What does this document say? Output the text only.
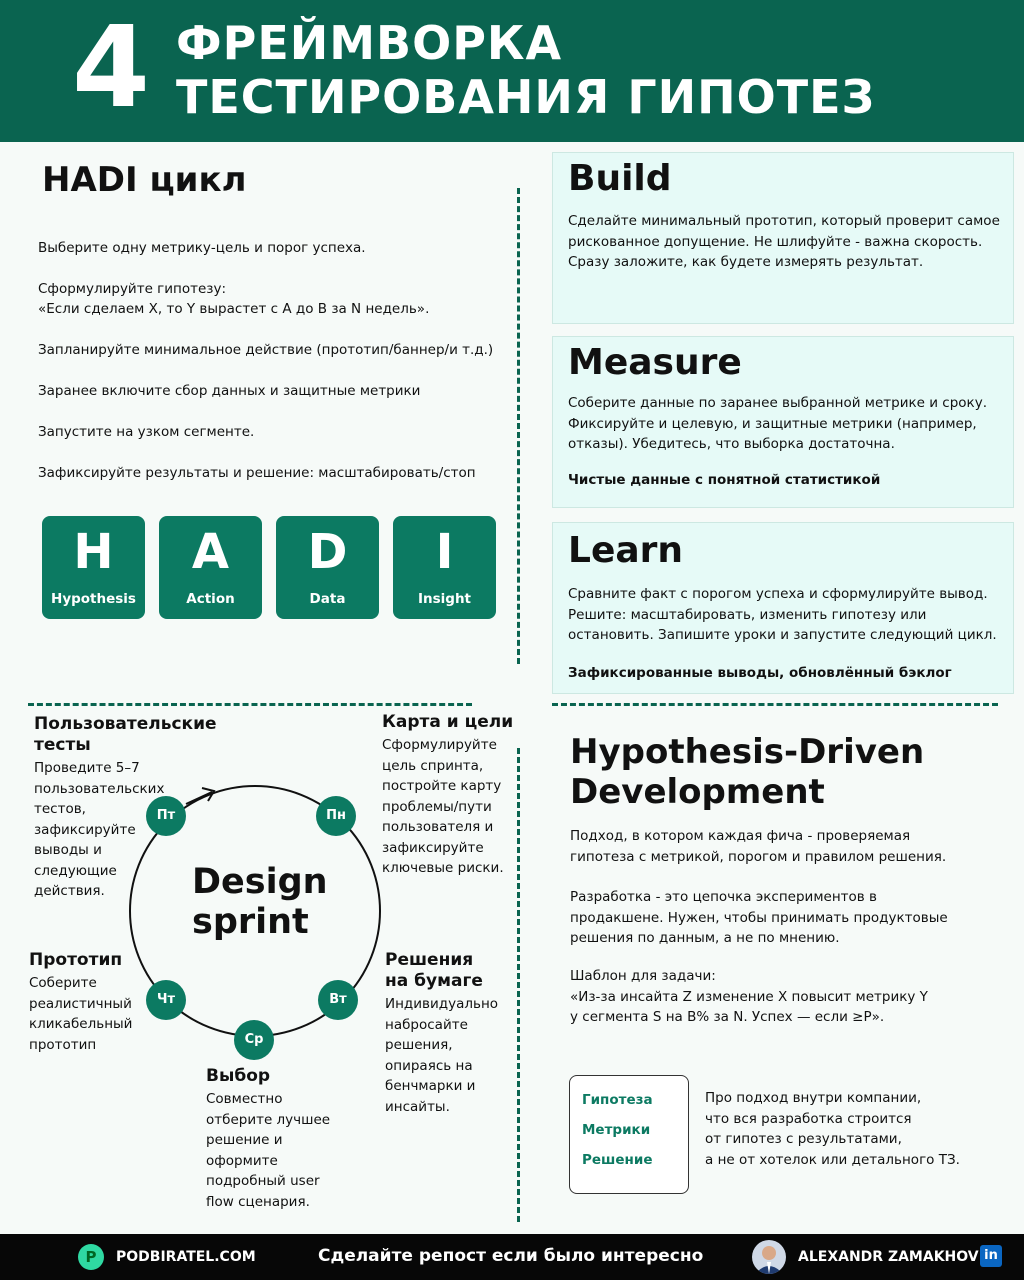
4 ФРЕЙМВОРКА
ТЕСТИРОВАНИЯ ГИПОТЕЗ
HADI цикл

Выберите одну метрику-цель и порог успеха.

Сформулируйте гипотезу:
«Если сделаем X, то Y вырастет с A до B за N недель».

Запланируйте минимальное действие (прототип/баннер/и т.д.)

Заранее включите сбор данных и защитные метрики

Запустите на узком сегменте.

Зафиксируйте результаты и решение: масштабировать/стоп

H
Hypothesis
A
Action
D
Data
I
Insight
Build
Сделайте минимальный прототип, который проверит самое рискованное допущение. Не шлифуйте - важна скорость. Сразу заложите, как будете измерять результат.
Measure
Соберите данные по заранее выбранной метрике и сроку. Фиксируйте и целевую, и защитные метрики (например, отказы). Убедитесь, что выборка достаточна.
Чистые данные с понятной статистикой
Learn
Сравните факт с порогом успеха и сформулируйте вывод. Решите: масштабировать, изменить гипотезу или остановить. Запишите уроки и запустите следующий цикл.
Зафиксированные выводы, обновлённый бэклог
Пт	Пн
Вт
Ср
Чт
Design
sprint
Пользовательские
тесты
Проведите 5–7
пользовательских
тестов,
зафиксируйте
выводы и
следующие
действия.
Карта и цели
Сформулируйте
цель спринта,
постройте карту
проблемы/пути
пользователя и
зафиксируйте
ключевые риски.
Прототип
Соберите
реалистичный
кликабельный
прототип
Решения
на бумаге
Индивидуально
набросайте
решения,
опираясь на
бенчмарки и
инсайты.
Выбор
Совместно
отберите лучшее
решение и
оформите
подробный user
flow сценария.
Hypothesis-Driven
Development
Подход, в котором каждая фича - проверяемая
гипотеза с метрикой, порогом и правилом решения.
Разработка - это цепочка экспериментов в
продакшене. Нужен, чтобы принимать продуктовые
решения по данным, а не по мнению.
Шаблон для задачи:
«Из-за инсайта Z изменение X повысит метрику Y
у сегмента S на B% за N. Успех — если ≥P».
Гипотеза
Метрики
Решение
Про подход внутри компании,
что вся разработка строится
от гипотез с результатами,
а не от хотелок или детального ТЗ.
P	PODBIRATEL.COM	Сделайте репост если было интересно	ALEXANDR ZAMAKHOV in
